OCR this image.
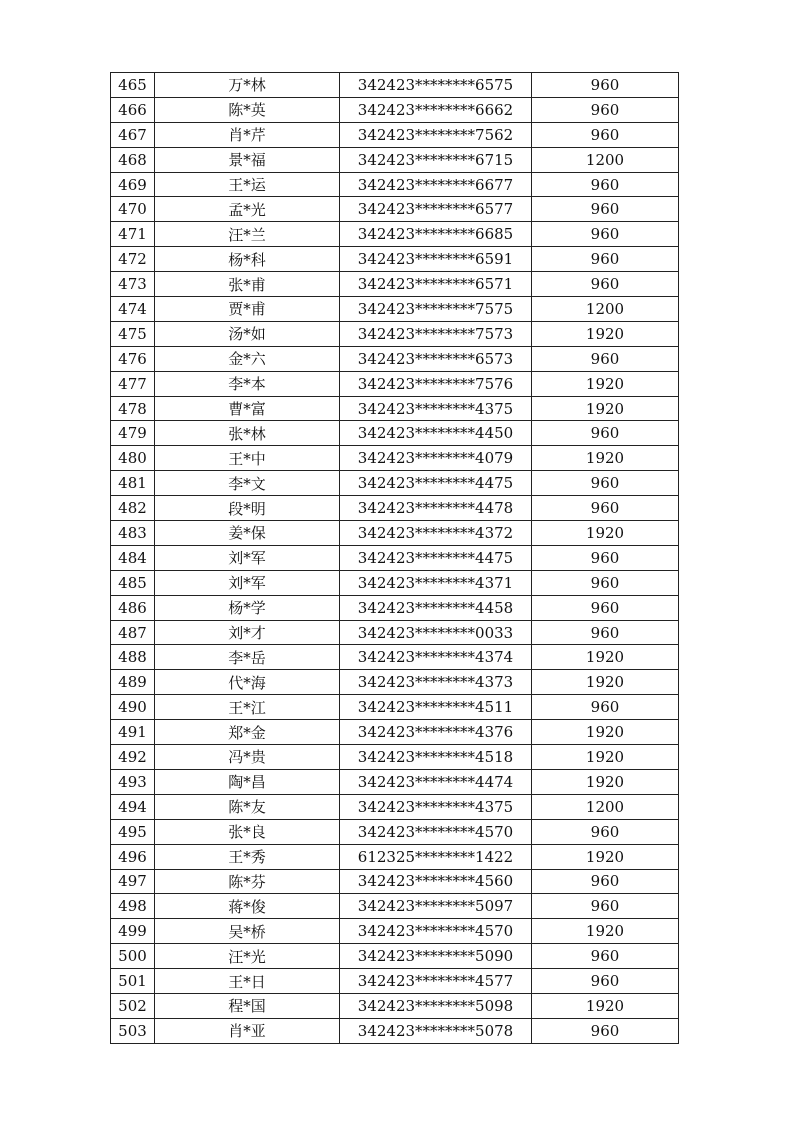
465	万*林	342423********6575	960
466	陈*英	342423********6662	960
467	肖*芹	342423********7562	960
468	景*福	342423********6715	1200
469	王*运	342423********6677	960
470	孟*光	342423********6577	960
471	汪*兰	342423********6685	960
472	杨*科	342423********6591	960
473	张*甫	342423********6571	960
474	贾*甫	342423********7575	1200
475	汤*如	342423********7573	1920
476	金*六	342423********6573	960
477	李*本	342423********7576	1920
478	曹*富	342423********4375	1920
479	张*林	342423********4450	960
480	王*中	342423********4079	1920
481	李*文	342423********4475	960
482	段*明	342423********4478	960
483	姜*保	342423********4372	1920
484	刘*军	342423********4475	960
485	刘*军	342423********4371	960
486	杨*学	342423********4458	960
487	刘*才	342423********0033	960
488	李*岳	342423********4374	1920
489	代*海	342423********4373	1920
490	王*江	342423********4511	960
491	郑*金	342423********4376	1920
492	冯*贵	342423********4518	1920
493	陶*昌	342423********4474	1920
494	陈*友	342423********4375	1200
495	张*良	342423********4570	960
496	王*秀	612325********1422	1920
497	陈*芬	342423********4560	960
498	蒋*俊	342423********5097	960
499	吴*桥	342423********4570	1920
500	汪*光	342423********5090	960
501	王*日	342423********4577	960
502	程*国	342423********5098	1920
503	肖*亚	342423********5078	960
